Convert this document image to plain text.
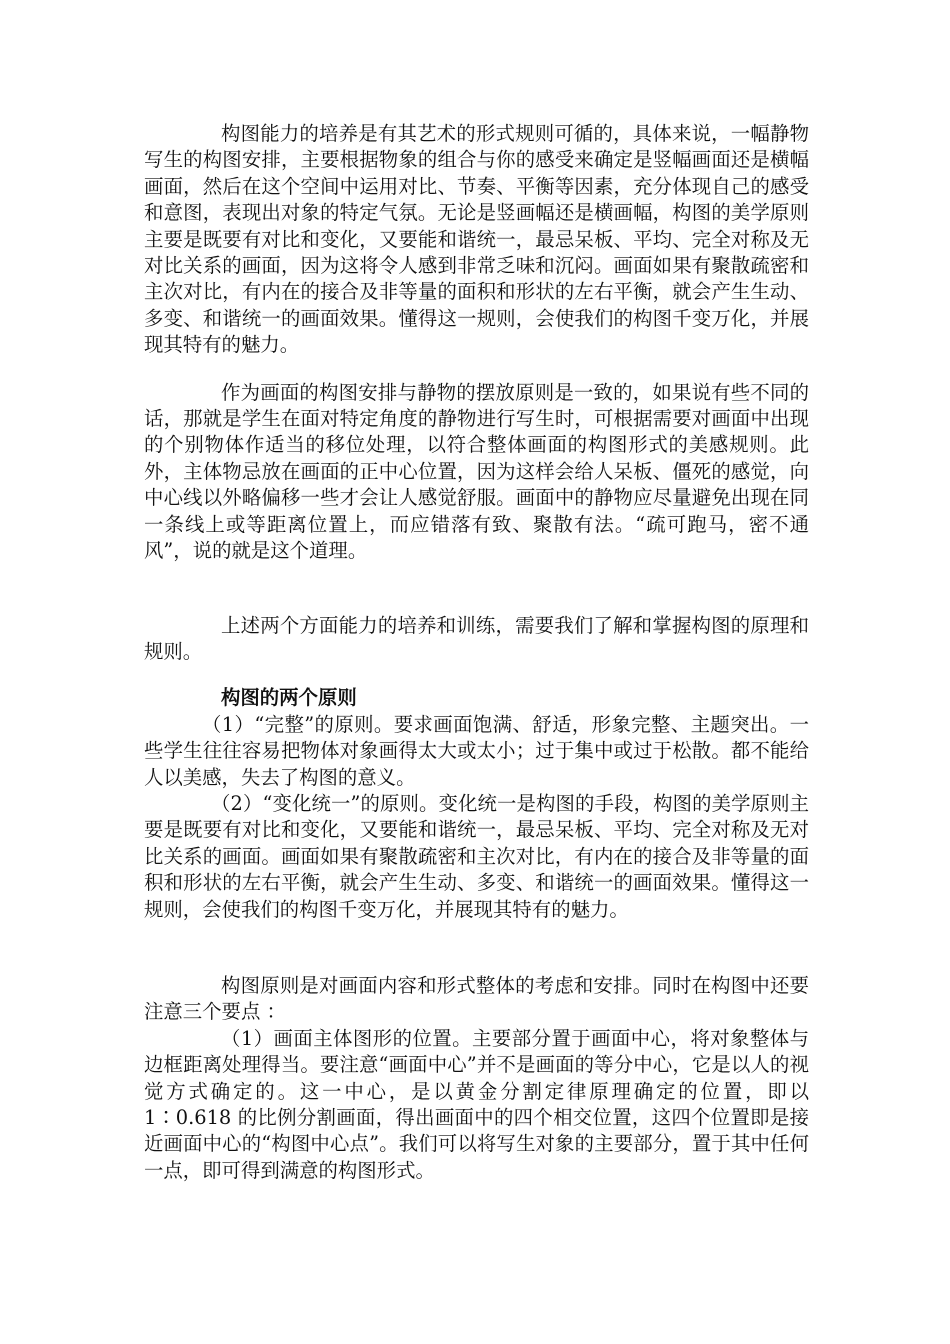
构图能力的培养是有其艺术的形式规则可循的，具体来说，一幅静物写生的构图安排，主要根据物象的组合与你的感受来确定是竖幅画面还是横幅画面，然后在这个空间中运用对比、节奏、平衡等因素，充分体现自己的感受和意图，表现出对象的特定气氛。无论是竖画幅还是横画幅，构图的美学原则主要是既要有对比和变化，又要能和谐统一，最忌呆板、平均、完全对称及无对比关系的画面，因为这将令人感到非常乏味和沉闷。画面如果有聚散疏密和主次对比，有内在的接合及非等量的面积和形状的左右平衡，就会产生生动、多变、和谐统一的画面效果。懂得这一规则，会使我们的构图千变万化，并展现其特有的魅力。

作为画面的构图安排与静物的摆放原则是一致的，如果说有些不同的话，那就是学生在面对特定角度的静物进行写生时，可根据需要对画面中出现的个别物体作适当的移位处理，以符合整体画面的构图形式的美感规则。此外，主体物忌放在画面的正中心位置，因为这样会给人呆板、僵死的感觉，向中心线以外略偏移一些才会让人感觉舒服。画面中的静物应尽量避免出现在同一条线上或等距离位置上，而应错落有致、聚散有法。“疏可跑马，密不通风”，说的就是这个道理。

上述两个方面能力的培养和训练，需要我们了解和掌握构图的原理和规则。

构图的两个原则

（1）“完整”的原则。要求画面饱满、舒适，形象完整、主题突出。一些学生往往容易把物体对象画得太大或太小；过于集中或过于松散。都不能给人以美感，失去了构图的意义。

（2）“变化统一”的原则。变化统一是构图的手段，构图的美学原则主要是既要有对比和变化，又要能和谐统一，最忌呆板、平均、完全对称及无对比关系的画面。画面如果有聚散疏密和主次对比，有内在的接合及非等量的面积和形状的左右平衡，就会产生生动、多变、和谐统一的画面效果。懂得这一规则，会使我们的构图千变万化，并展现其特有的魅力。

构图原则是对画面内容和形式整体的考虑和安排。同时在构图中还要注意三个要点 ：

（1）画面主体图形的位置。主要部分置于画面中心，将对象整体与边框距离处理得当。要注意“画面中心”并不是画面的等分中心，它是以人的视觉方式确定的。这一中心，是以黄金分割定律原理确定的位置，即以 1∶0.618 的比例分割画面，得出画面中的四个相交位置，这四个位置即是接近画面中心的“构图中心点”。我们可以将写生对象的主要部分，置于其中任何一点，即可得到满意的构图形式。
